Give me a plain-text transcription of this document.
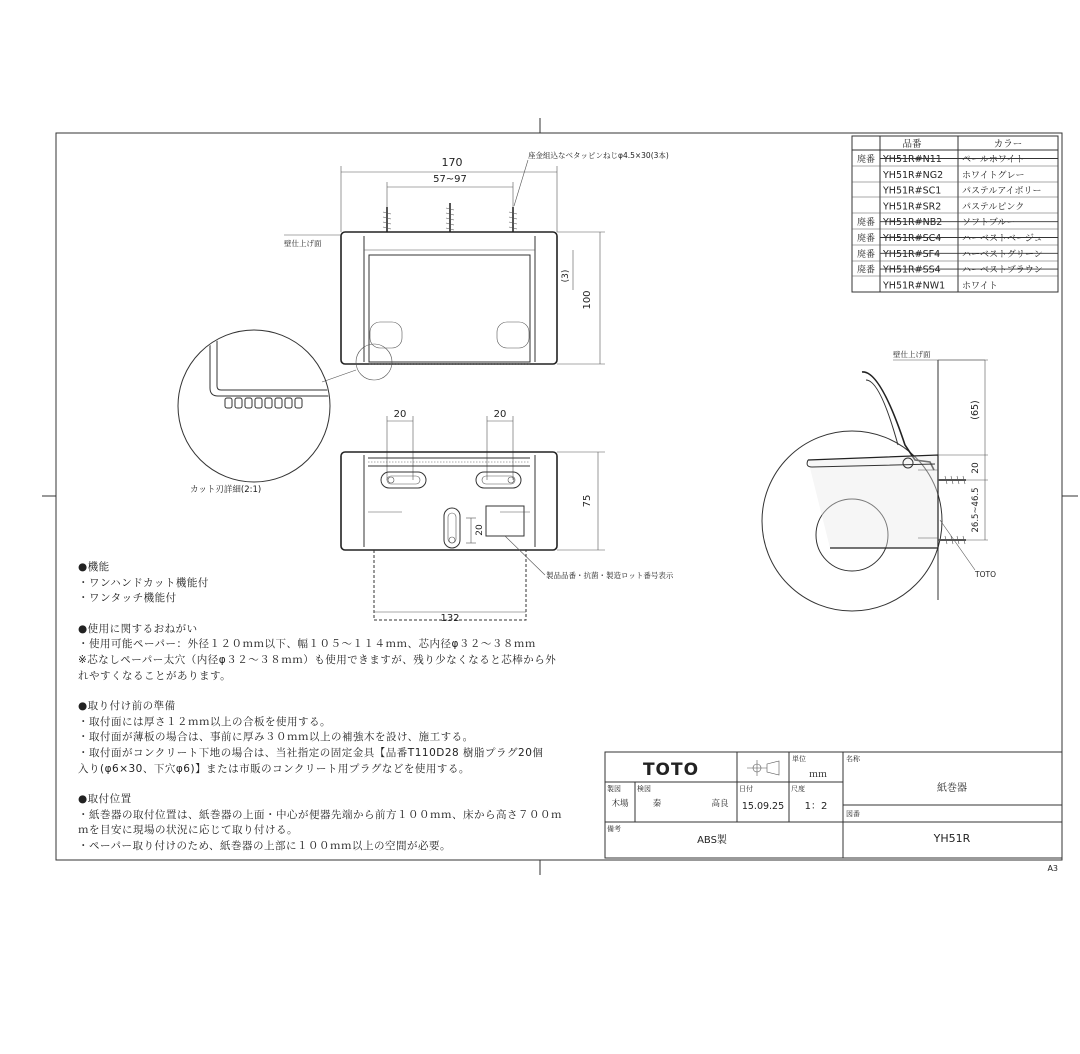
170
57~97
座金組込なべタッピンねじφ4.5×30(3本)
壁仕上げ面
100
(3)
カット刃詳細(2:1)
20	20
75
20
製品品番・抗菌・製造ロット番号表示
132
壁仕上げ面
(65)
20
26.5~46.5
TOTO
品番	カラー
廃番 YH51R#N11 ペールホワイト
YH51R#NG2 ホワイトグレー
YH51R#SC1 パステルアイボリー
YH51R#SR2 パステルピンク
廃番 YH51R#NB2 ソフトブルー
廃番 YH51R#SC4 ハーベストベージュ
廃番 YH51R#SF4 ハーベストグリーン
廃番 YH51R#SS4 ハーベストブラウン
YH51R#NW1 ホワイト
TOTO
単位
ｍｍ
名称
紙巻器
製図
木場
検図
秦	高良
日付
15.09.25
尺度
1：2
図番
YH51R
備考
ABS製
A3
●機能
・ワンハンドカット機能付
・ワンタッチ機能付
●使用に関するおねがい
・使用可能ペーパー：外径１２０ｍｍ以下、幅１０５～１１４ｍｍ、芯内径φ３２～３８ｍｍ
※芯なしペーパー太穴（内径φ３２～３８ｍｍ）も使用できますが、残り少なくなると芯棒から外
れやすくなることがあります。
●取り付け前の準備
・取付面には厚さ１２ｍｍ以上の合板を使用する。
・取付面が薄板の場合は、事前に厚み３０ｍｍ以上の補強木を設け、施工する。
・取付面がコンクリート下地の場合は、当社指定の固定金具【品番T110D28 樹脂プラグ20個
入り(φ6×30、下穴φ6)】または市販のコンクリート用プラグなどを使用する。
●取付位置
・紙巻器の取付位置は、紙巻器の上面・中心が便器先端から前方１００ｍｍ、床から高さ７００ｍ
ｍを目安に現場の状況に応じて取り付ける。
・ペーパー取り付けのため、紙巻器の上部に１００ｍｍ以上の空間が必要。
